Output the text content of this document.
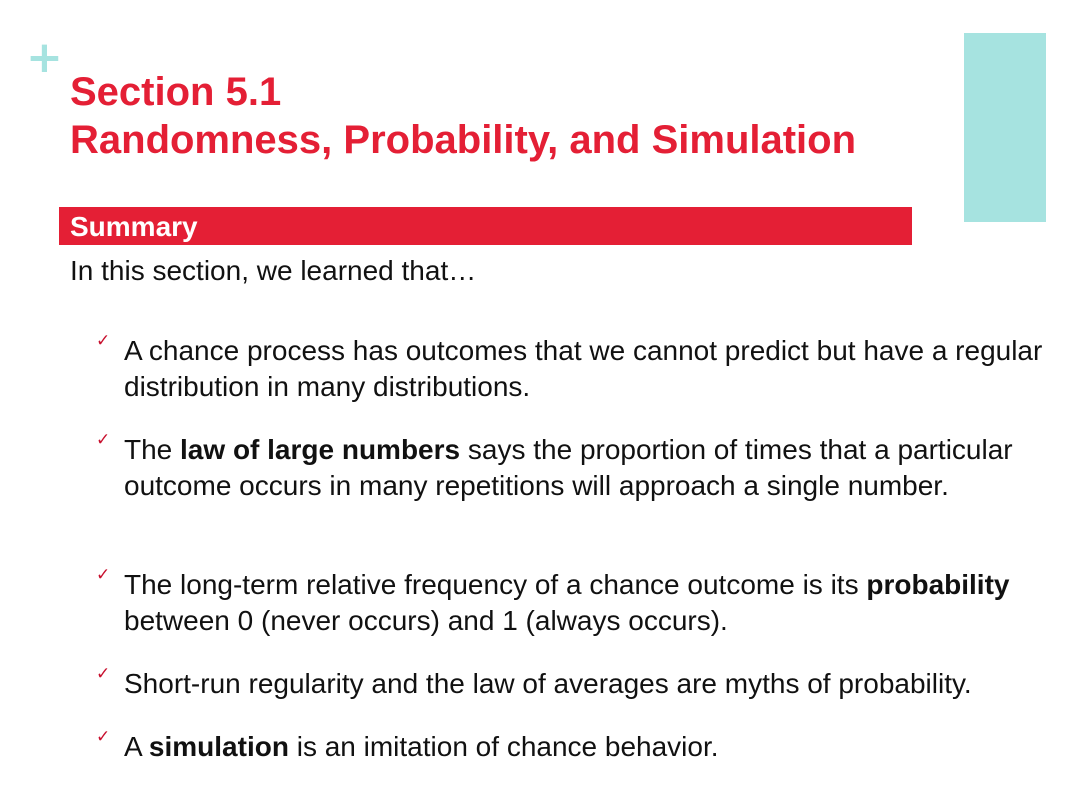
+
Section 5.1
Randomness, Probability, and Simulation
Summary
In this section, we learned that…
✓ A chance process has outcomes that we cannot predict but have a regular distribution in many distributions.

✓ The law of large numbers says the proportion of times that a particular outcome occurs in many repetitions will approach a single number.

✓ The long-term relative frequency of a chance outcome is its probability between 0 (never occurs) and 1 (always occurs).

✓ Short-run regularity and the law of averages are myths of probability.

✓ A simulation is an imitation of chance behavior.
